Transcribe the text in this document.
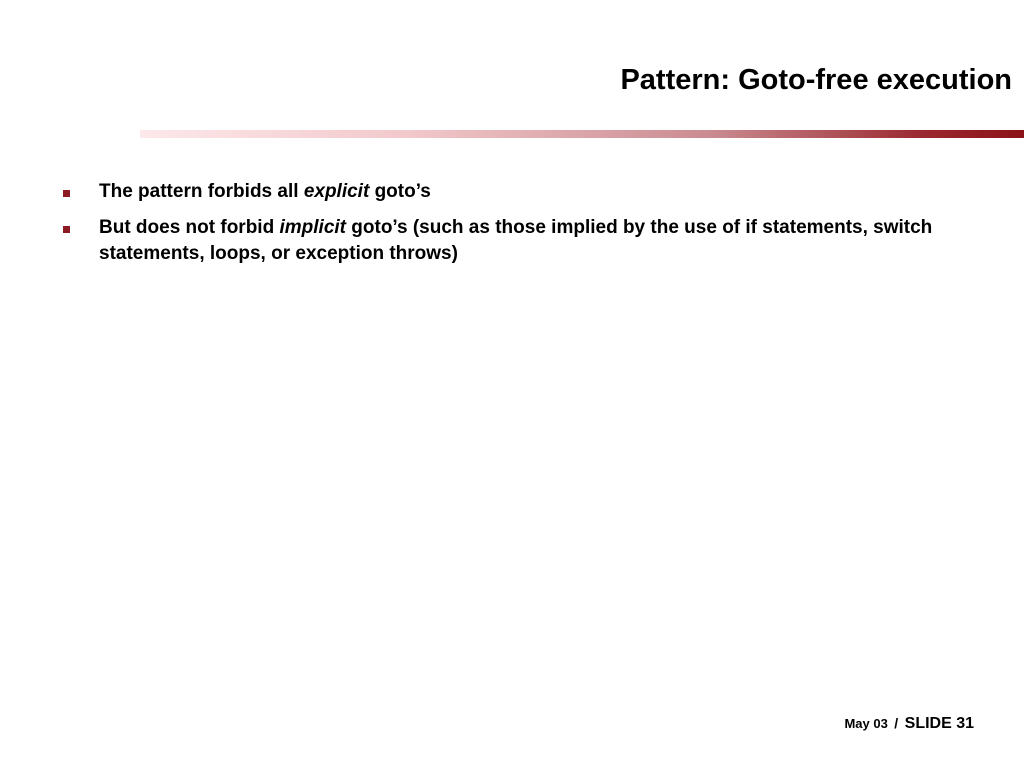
Pattern: Goto-free execution
The pattern forbids all explicit goto’s
But does not forbid implicit goto’s (such as those implied by the use of if statements, switch statements, loops, or exception throws)
May 03 / SLIDE 31
